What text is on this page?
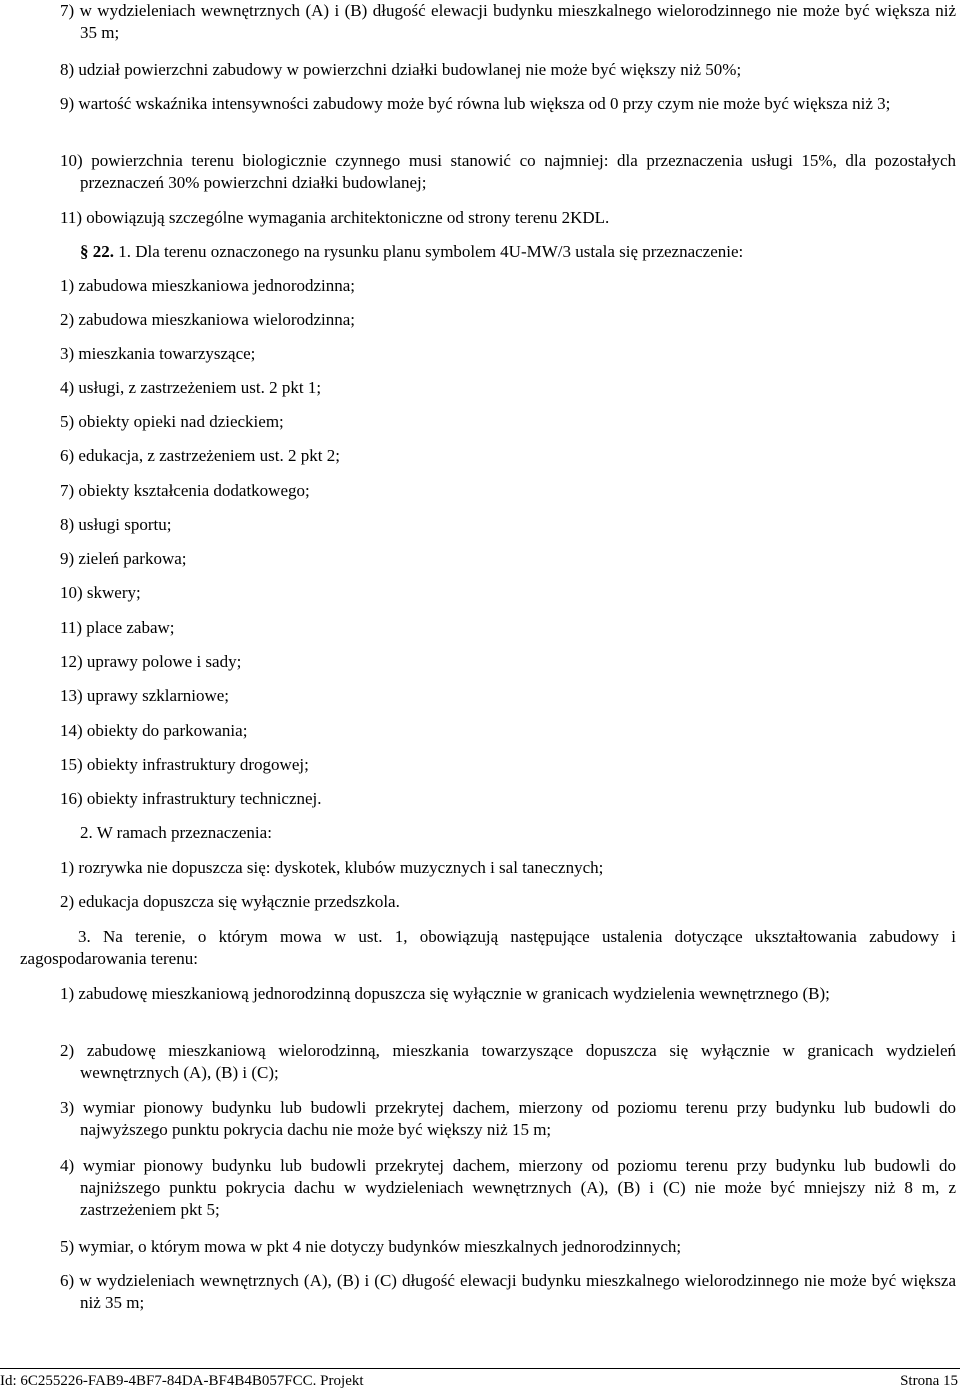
7) w wydzieleniach wewnętrznych (A) i (B) długość elewacji budynku mieszkalnego wielorodzinnego nie może być większa niż 35 m;

8) udział powierzchni zabudowy w powierzchni działki budowlanej nie może być większy niż 50%;

9) wartość wskaźnika intensywności zabudowy może być równa lub większa od 0 przy czym nie może być większa niż 3;

10) powierzchnia terenu biologicznie czynnego musi stanowić co najmniej: dla przeznaczenia usługi 15%, dla pozostałych przeznaczeń 30% powierzchni działki budowlanej;

11) obowiązują szczególne wymagania architektoniczne od strony terenu 2KDL.

§ 22. 1. Dla terenu oznaczonego na rysunku planu symbolem 4U-MW/3 ustala się przeznaczenie:

1) zabudowa mieszkaniowa jednorodzinna;

2) zabudowa mieszkaniowa wielorodzinna;

3) mieszkania towarzyszące;

4) usługi, z zastrzeżeniem ust. 2 pkt 1;

5) obiekty opieki nad dzieckiem;

6) edukacja, z zastrzeżeniem ust. 2 pkt 2;

7) obiekty kształcenia dodatkowego;

8) usługi sportu;

9) zieleń parkowa;

10) skwery;

11) place zabaw;

12) uprawy polowe i sady;

13) uprawy szklarniowe;

14) obiekty do parkowania;

15) obiekty infrastruktury drogowej;

16) obiekty infrastruktury technicznej.

2. W ramach przeznaczenia:

1) rozrywka nie dopuszcza się: dyskotek, klubów muzycznych i sal tanecznych;

2) edukacja dopuszcza się wyłącznie przedszkola.

3. Na terenie, o którym mowa w ust. 1, obowiązują następujące ustalenia dotyczące ukształtowania zabudowy i zagospodarowania terenu:

1) zabudowę mieszkaniową jednorodzinną dopuszcza się wyłącznie w granicach wydzielenia wewnętrznego (B);

2) zabudowę mieszkaniową wielorodzinną, mieszkania towarzyszące dopuszcza się wyłącznie w granicach wydzieleń wewnętrznych (A), (B) i (C);

3) wymiar pionowy budynku lub budowli przekrytej dachem, mierzony od poziomu terenu przy budynku lub budowli do najwyższego punktu pokrycia dachu nie może być większy niż 15 m;

4) wymiar pionowy budynku lub budowli przekrytej dachem, mierzony od poziomu terenu przy budynku lub budowli do najniższego punktu pokrycia dachu w wydzieleniach wewnętrznych (A), (B) i (C) nie może być mniejszy niż 8 m, z zastrzeżeniem pkt 5;

5) wymiar, o którym mowa w pkt 4 nie dotyczy budynków mieszkalnych jednorodzinnych;

6) w wydzieleniach wewnętrznych (A), (B) i (C) długość elewacji budynku mieszkalnego wielorodzinnego nie może być większa niż 35 m;

Id: 6C255226-FAB9-4BF7-84DA-BF4B4B057FCC. Projekt	Strona 15
